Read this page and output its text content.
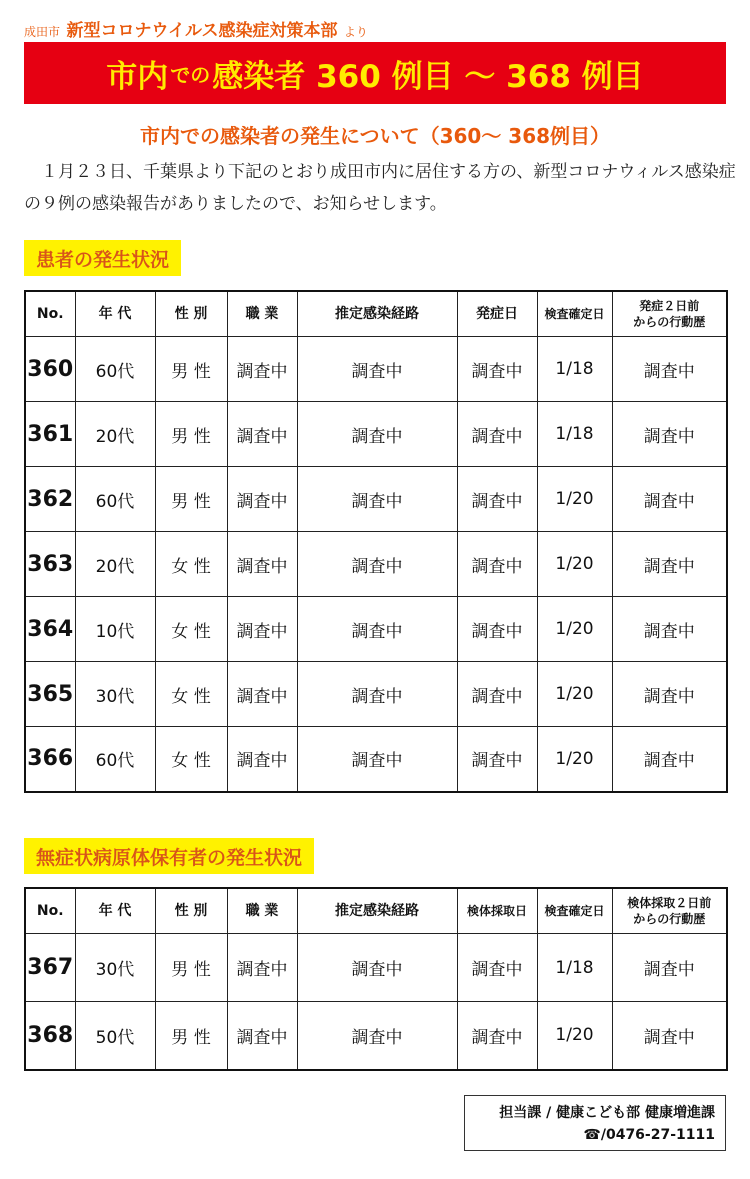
成田市 新型コロナウイルス感染症対策本部 より
市内 での 感染者 360 例目 ～ 368 例目
市内での感染者の発生について（360～ 368例目）
　１月２３日、千葉県より下記のとおり成田市内に居住する方の、新型コロナウィルス感染症の９例の感染報告がありましたので、お知らせします。
患者の発生状況
No.	年 代	性 別	職 業	推定感染経路	発症日	検査確定日	発症２日前
からの行動歴
360	60代	男 性	調査中	調査中	調査中	1/18	調査中
361	20代	男 性	調査中	調査中	調査中	1/18	調査中
362	60代	男 性	調査中	調査中	調査中	1/20	調査中
363	20代	女 性	調査中	調査中	調査中	1/20	調査中
364	10代	女 性	調査中	調査中	調査中	1/20	調査中
365	30代	女 性	調査中	調査中	調査中	1/20	調査中
366	60代	女 性	調査中	調査中	調査中	1/20	調査中
無症状病原体保有者の発生状況
No.	年 代	性 別	職 業	推定感染経路	検体採取日	検査確定日	検体採取２日前
からの行動歴
367	30代	男 性	調査中	調査中	調査中	1/18	調査中
368	50代	男 性	調査中	調査中	調査中	1/20	調査中
担当課 / 健康こども部 健康増進課
☎/0476-27-1111
